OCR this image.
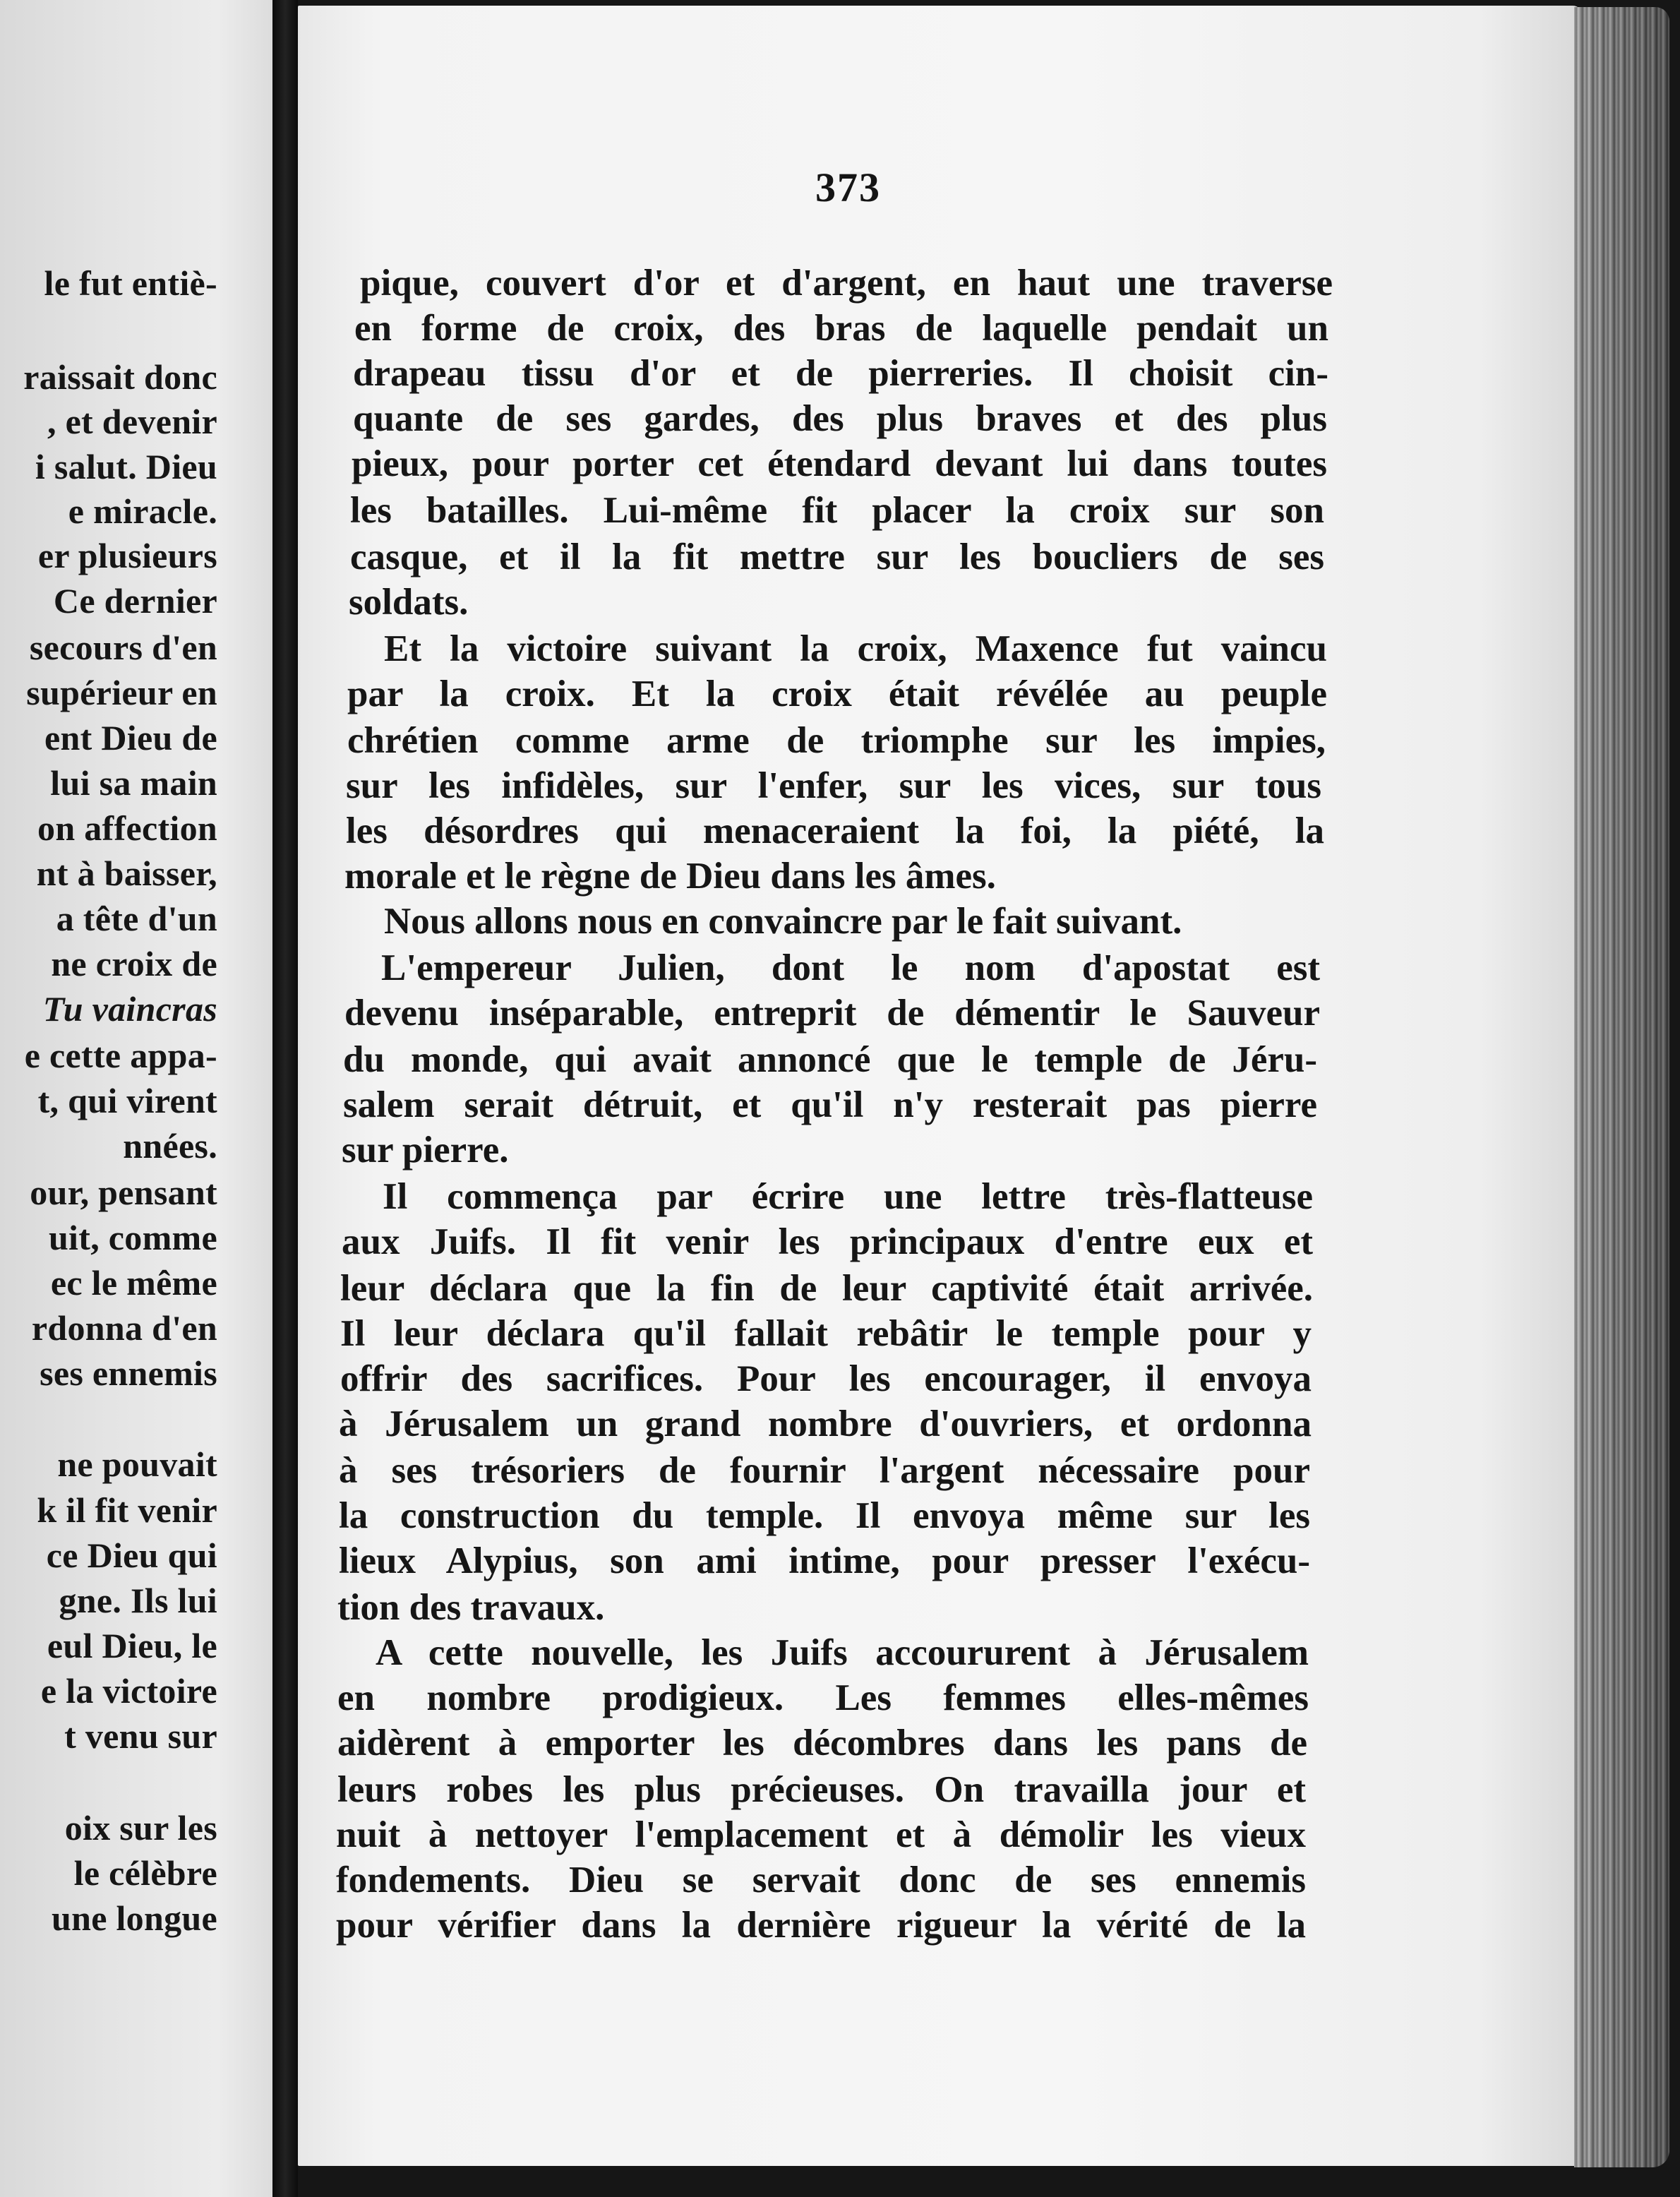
le fut entiè-
raissait donc
, et devenir
i salut. Dieu
e miracle.
er plusieurs
Ce dernier
secours d'en
supérieur en
ent Dieu de
lui sa main
on affection
nt à baisser,
a tête d'un
ne croix de
Tu vaincras
e cette appa-
t, qui virent
nnées.
our, pensant
uit, comme
ec le même
rdonna d'en
ses ennemis
ne pouvait
k il fit venir
ce Dieu qui
gne. Ils lui
eul Dieu, le
e la victoire
t venu sur
oix sur les
le célèbre
une longue
373
pique, couvert d'or et d'argent, en haut une traverse
en forme de croix, des bras de laquelle pendait un
drapeau tissu d'or et de pierreries. Il choisit cin-
quante de ses gardes, des plus braves et des plus
pieux, pour porter cet étendard devant lui dans toutes
les batailles. Lui-même fit placer la croix sur son
casque, et il la fit mettre sur les boucliers de ses
soldats.
Et la victoire suivant la croix, Maxence fut vaincu
par la croix. Et la croix était révélée au peuple
chrétien comme arme de triomphe sur les impies,
sur les infidèles, sur l'enfer, sur les vices, sur tous
les désordres qui menaceraient la foi, la piété, la
morale et le règne de Dieu dans les âmes.
Nous allons nous en convaincre par le fait suivant.
L'empereur Julien, dont le nom d'apostat est
devenu inséparable, entreprit de démentir le Sauveur
du monde, qui avait annoncé que le temple de Jéru-
salem serait détruit, et qu'il n'y resterait pas pierre
sur pierre.
Il commença par écrire une lettre très-flatteuse
aux Juifs. Il fit venir les principaux d'entre eux et
leur déclara que la fin de leur captivité était arrivée.
Il leur déclara qu'il fallait rebâtir le temple pour y
offrir des sacrifices. Pour les encourager, il envoya
à Jérusalem un grand nombre d'ouvriers, et ordonna
à ses trésoriers de fournir l'argent nécessaire pour
la construction du temple. Il envoya même sur les
lieux Alypius, son ami intime, pour presser l'exécu-
tion des travaux.
A cette nouvelle, les Juifs accoururent à Jérusalem
en nombre prodigieux. Les femmes elles-mêmes
aidèrent à emporter les décombres dans les pans de
leurs robes les plus précieuses. On travailla jour et
nuit à nettoyer l'emplacement et à démolir les vieux
fondements. Dieu se servait donc de ses ennemis
pour vérifier dans la dernière rigueur la vérité de la
